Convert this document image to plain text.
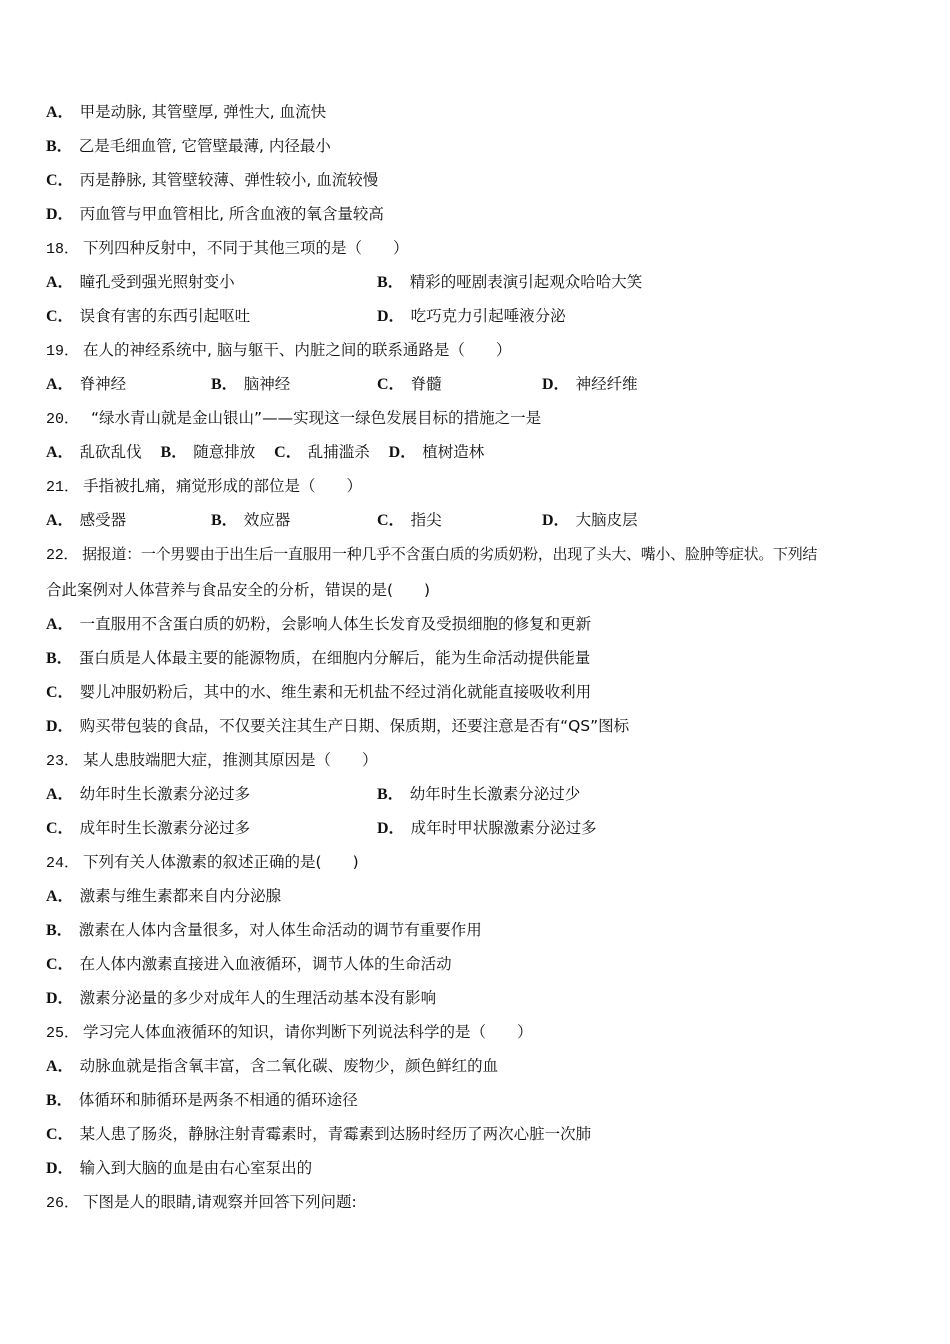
A． 甲是动脉, 其管壁厚, 弹性大, 血流快
B． 乙是毛细血管, 它管壁最薄, 内径最小
C． 丙是静脉, 其管壁较薄、弹性较小, 血流较慢
D． 丙血管与甲血管相比, 所含血液的氧含量较高
18． 下列四种反射中，不同于其他三项的是（　　）
A． 瞳孔受到强光照射变小	B． 精彩的哑剧表演引起观众哈哈大笑
C． 误食有害的东西引起呕吐	D． 吃巧克力引起唾液分泌
19． 在人的神经系统中, 脑与躯干、内脏之间的联系通路是（　　）
A． 脊神经	B． 脑神经	C． 脊髓	D． 神经纤维
20．　“绿水青山就是金山银山”——实现这一绿色发展目标的措施之一是
A． 乱砍乱伐 B． 随意排放 C． 乱捕滥杀 D． 植树造林
21． 手指被扎痛，痛觉形成的部位是（　　）
A． 感受器	B． 效应器	C． 指尖	D． 大脑皮层
22． 据报道：一个男婴由于出生后一直服用一种几乎不含蛋白质的劣质奶粉，出现了头大、嘴小、脸肿等症状。下列结
合此案例对人体营养与食品安全的分析，错误的是(　　)
A． 一直服用不含蛋白质的奶粉，会影响人体生长发育及受损细胞的修复和更新
B． 蛋白质是人体最主要的能源物质，在细胞内分解后，能为生命活动提供能量
C． 婴儿冲服奶粉后，其中的水、维生素和无机盐不经过消化就能直接吸收利用
D． 购买带包装的食品，不仅要关注其生产日期、保质期，还要注意是否有“QS”图标
23． 某人患肢端肥大症，推测其原因是（　　）
A． 幼年时生长激素分泌过多	B． 幼年时生长激素分泌过少
C． 成年时生长激素分泌过多	D． 成年时甲状腺激素分泌过多
24． 下列有关人体激素的叙述正确的是(　　)
A． 激素与维生素都来自内分泌腺
B． 激素在人体内含量很多，对人体生命活动的调节有重要作用
C． 在人体内激素直接进入血液循环，调节人体的生命活动
D． 激素分泌量的多少对成年人的生理活动基本没有影响
25． 学习完人体血液循环的知识，请你判断下列说法科学的是（　　）
A． 动脉血就是指含氧丰富，含二氧化碳、废物少，颜色鲜红的血
B． 体循环和肺循环是两条不相通的循环途径
C． 某人患了肠炎，静脉注射青霉素时，青霉素到达肠时经历了两次心脏一次肺
D． 输入到大脑的血是由右心室泵出的
26． 下图是人的眼睛,请观察并回答下列问题:
